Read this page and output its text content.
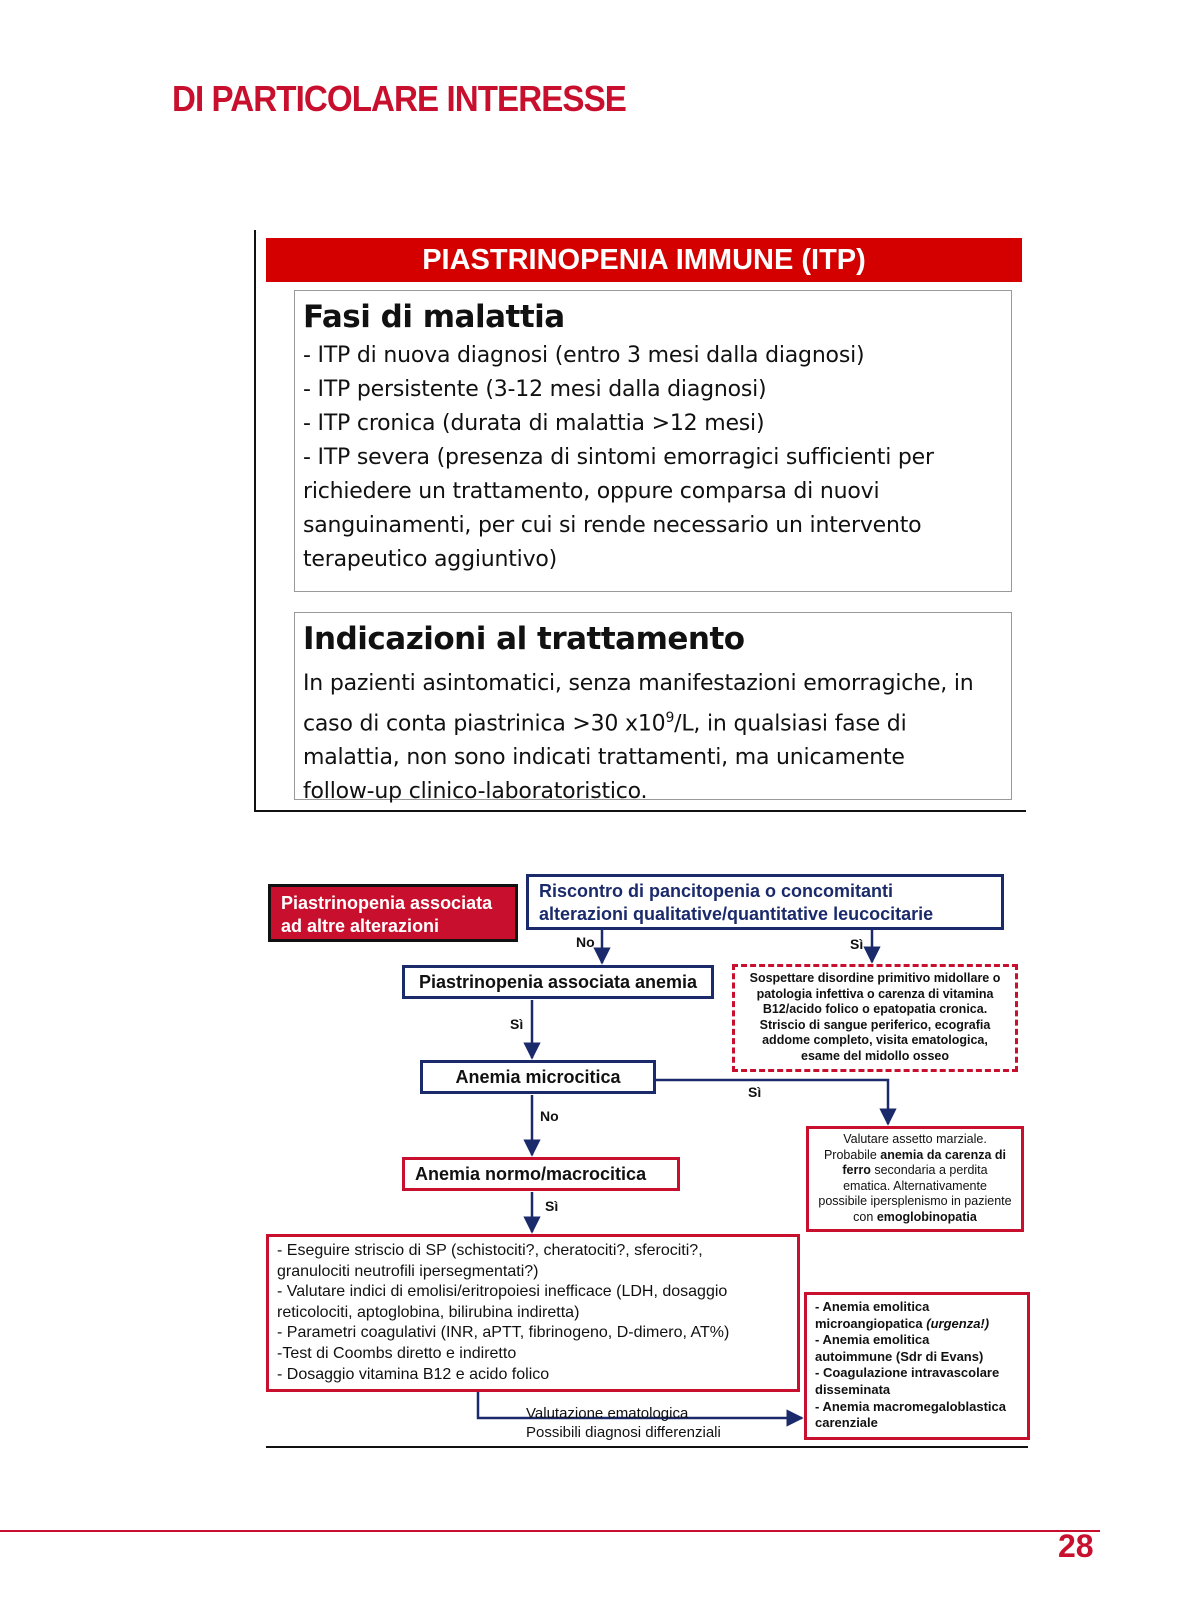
DI PARTICOLARE INTERESSE
PIASTRINOPENIA IMMUNE (ITP)
Fasi di malattia
- ITP di nuova diagnosi (entro 3 mesi dalla diagnosi)
- ITP persistente (3-12 mesi dalla diagnosi)
- ITP cronica (durata di malattia >12 mesi)
- ITP severa (presenza di sintomi emorragici sufficienti per
richiedere un trattamento, oppure comparsa di nuovi
sanguinamenti, per cui si rende necessario un intervento
terapeutico aggiuntivo)
Indicazioni al trattamento
In pazienti asintomatici, senza manifestazioni emorragiche, in
caso di conta piastrinica >30 $x10^9/L$, in qualsiasi fase di
malattia, non sono indicati trattamenti, ma unicamente
follow-up clinico-laboratoristico.
Piastrinopenia associata
ad altre alterazioni
Riscontro di pancitopenia o concomitanti
alterazioni qualitative/quantitative leucocitarie
No	Sì
Piastrinopenia associata anemia	Sospettare disordine primitivo midollare o
patologia infettiva o carenza di vitamina
B12/acido folico o epatopatia cronica.
Striscio di sangue periferico, ecografia
addome completo, visita ematologica,
esame del midollo osseo
Sì
Anemia microcitica
Sì
No
Valutare assetto marziale.
Probabile anemia da carenza di
ferro secondaria a perdita
ematica. Alternativamente
possibile ipersplenismo in paziente
con emoglobinopatia
Anemia normo/macrocitica
Sì
- Eseguire striscio di SP (schistociti?, cheratociti?, sferociti?,
granulociti neutrofili ipersegmentati?)
- Valutare indici di emolisi/eritropoiesi inefficace (LDH, dosaggio
reticolociti, aptoglobina, bilirubina indiretta)
- Parametri coagulativi (INR, aPTT, fibrinogeno, D-dimero, AT%)
-Test di Coombs diretto e indiretto
- Dosaggio vitamina B12 e acido folico
- Anemia emolitica
microangiopatica (urgenza!)
- Anemia emolitica
autoimmune (Sdr di Evans)
- Coagulazione intravascolare
disseminata
- Anemia macromegaloblastica
carenziale
Valutazione ematologica
Possibili diagnosi differenziali
28
